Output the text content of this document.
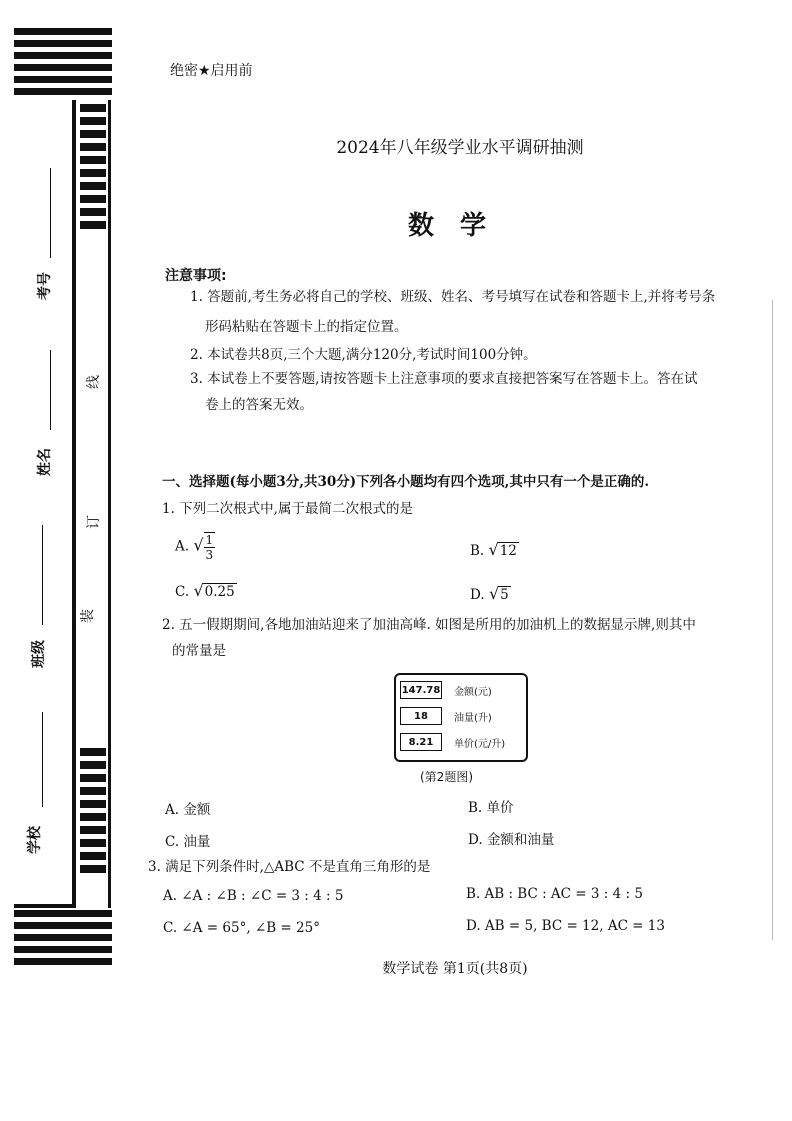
考号
姓名
班级
学校
线
订
装
绝密★启用前
2024年八年级学业水平调研抽测
数学
注意事项:
1. 答题前,考生务必将自己的学校、班级、姓名、考号填写在试卷和答题卡上,并将考号条
形码粘贴在答题卡上的指定位置。
2. 本试卷共8页,三个大题,满分120分,考试时间100分钟。
3. 本试卷上不要答题,请按答题卡上注意事项的要求直接把答案写在答题卡上。答在试
卷上的答案无效。
一、选择题(每小题3分,共30分)下列各小题均有四个选项,其中只有一个是正确的.
1. 下列二次根式中,属于最简二次根式的是
A. √ $\frac{1}{3}$	B. √12
C. √0.25	D. √5
2. 五一假期期间,各地加油站迎来了加油高峰. 如图是所用的加油机上的数据显示牌,则其中
的常量是
147.78 金额(元)
18	油量(升)
8.21	单价(元/升)
(第2题图)
A. 金额	B. 单价
C. 油量	D. 金额和油量
3. 满足下列条件时,△ABC 不是直角三角形的是
A. ∠A : ∠B : ∠C = 3 : 4 : 5	B. AB : BC : AC = 3 : 4 : 5
C. ∠A = 65°, ∠B = 25°	D. AB = 5, BC = 12, AC = 13
数学试卷 第1页(共8页)
